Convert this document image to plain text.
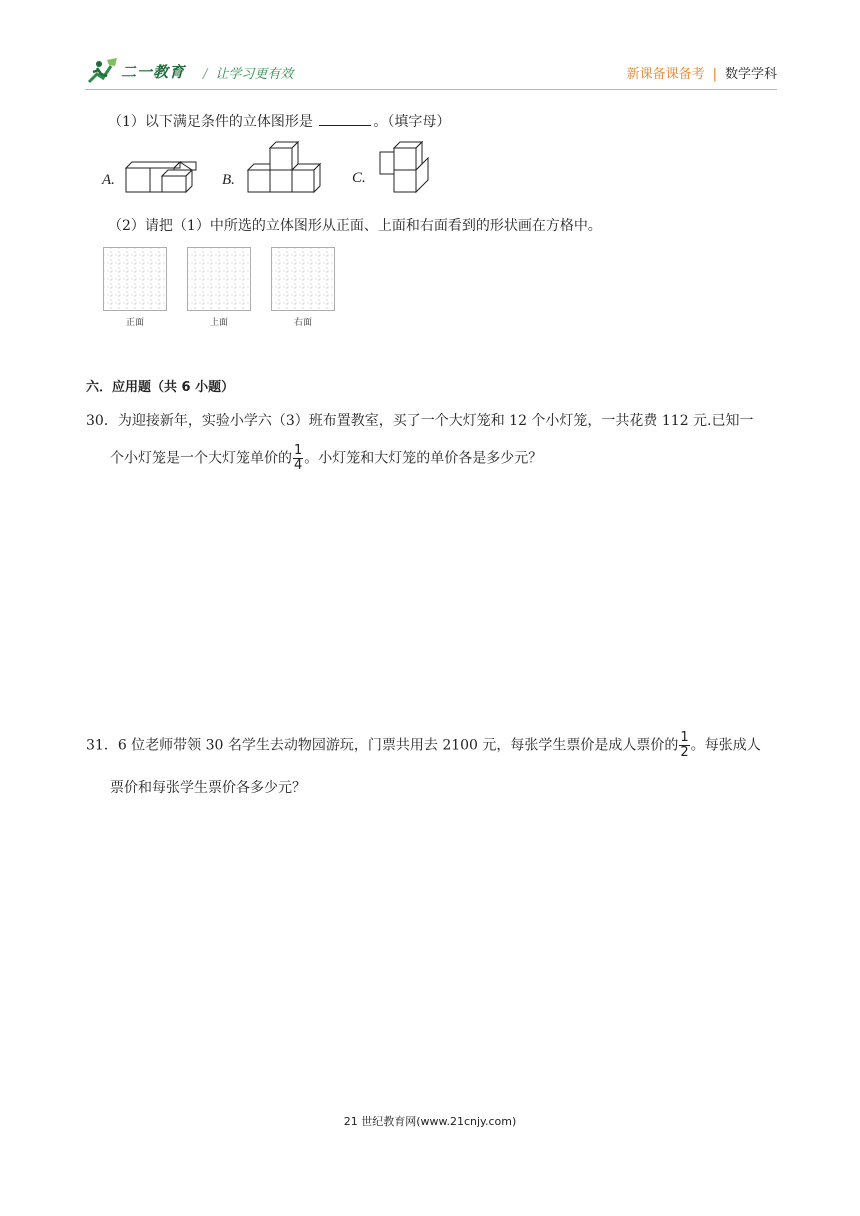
二一教育 / 让学习更有效	新课备课备考 | 数学学科
（1）以下满足条件的立体图形是	。（填字母）
A.	B.	C.
（2）请把（1）中所选的立体图形从正面、上面和右面看到的形状画在方格中。
正面	上面	右面
六．应用题（共 6 小题）
30．为迎接新年，实验小学六（3）班布置教室，买了一个大灯笼和 12 个小灯笼，一共花费 112 元.已知一
个小灯笼是一个大灯笼单价的 $\frac{1}{4}$ 。小灯笼和大灯笼的单价各是多少元？
31．6 位老师带领 30 名学生去动物园游玩，门票共用去 2100 元，每张学生票价是成人票价的 $\frac{1}{2}$ 。每张成人
票价和每张学生票价各多少元？
21 世纪教育网(www.21cnjy.com)
